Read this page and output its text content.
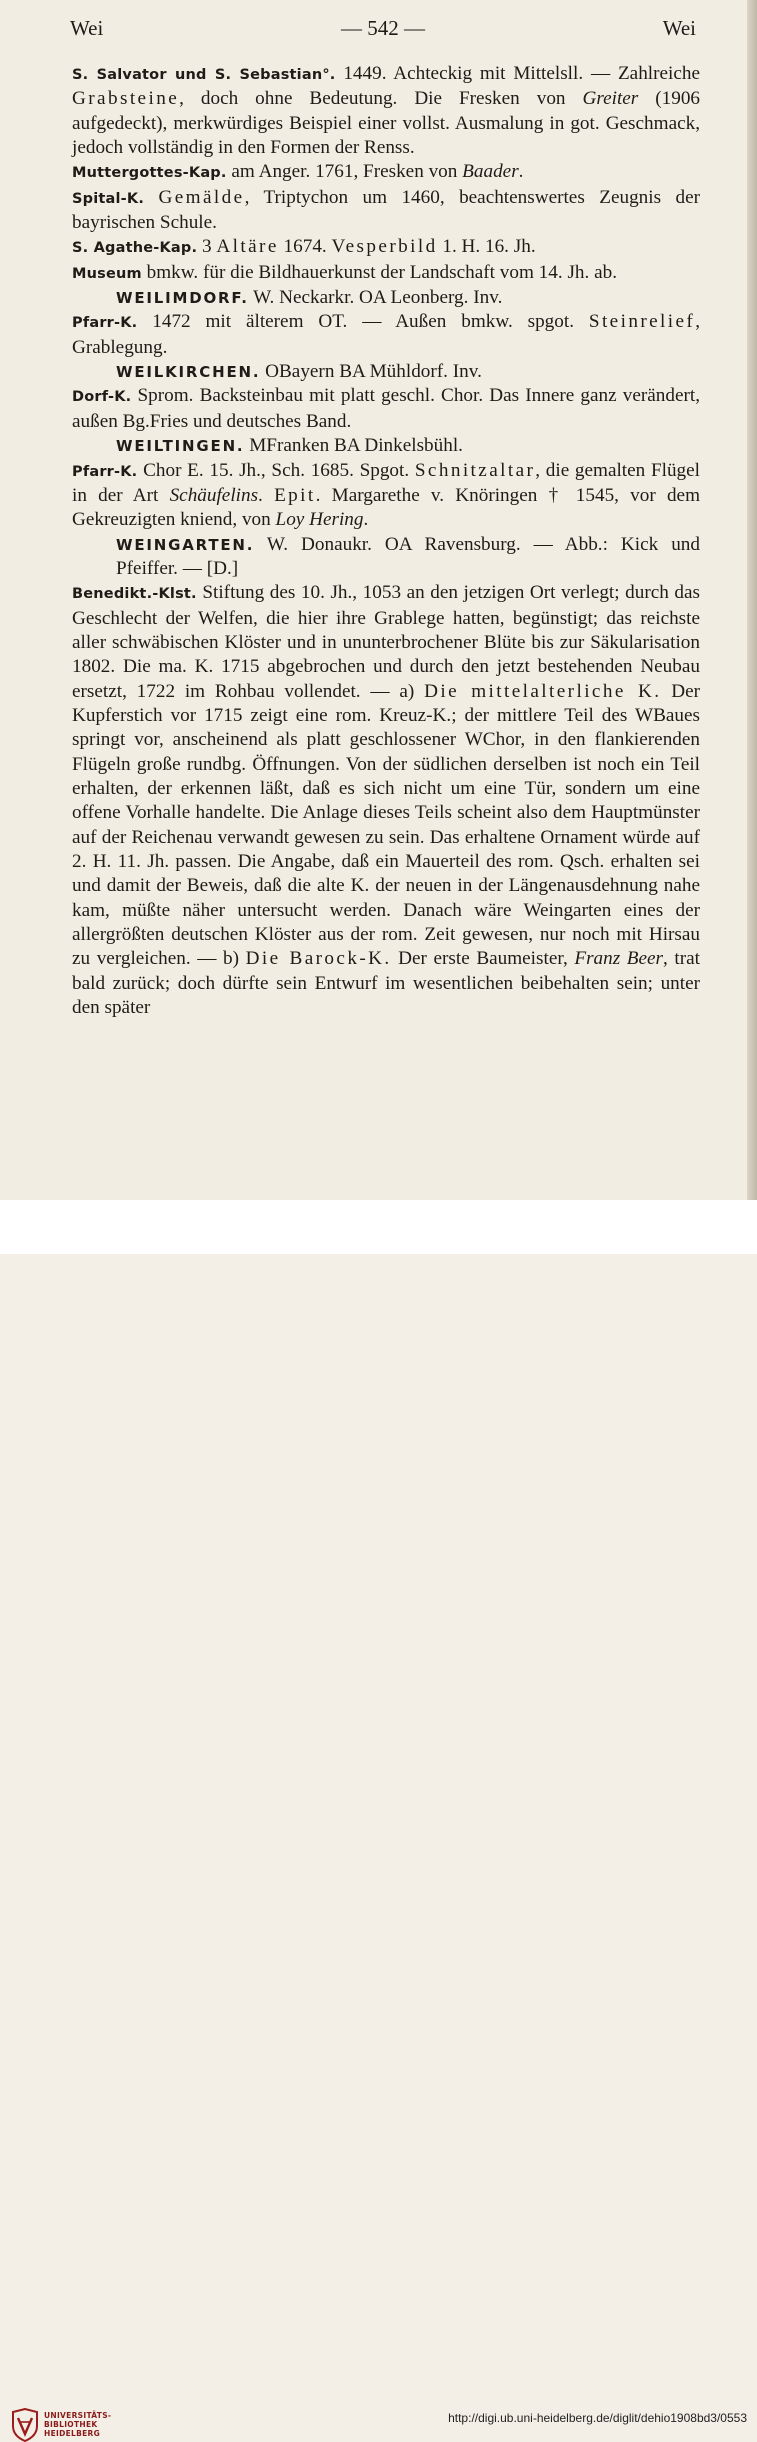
Wei	— 542 —	Wei

S. Salvator und S. Sebastian°. 1449. Achteckig mit Mittelsll. — Zahlreiche Grabsteine, doch ohne Bedeutung. Die Fresken von Greiter (1906 aufgedeckt), merkwürdiges Beispiel einer vollst. Ausmalung in got. Geschmack, jedoch vollständig in den Formen der Renss.

Muttergottes-Kap. am Anger. 1761, Fresken von Baader.

Spital-K. Gemälde, Triptychon um 1460, beachtenswertes Zeugnis der bayrischen Schule.

S. Agathe-Kap. 3 Altäre 1674. Vesperbild 1. H. 16. Jh.

Museum bmkw. für die Bildhauerkunst der Landschaft vom 14. Jh. ab.

WEILIMDORF. W. Neckarkr. OA Leonberg. Inv.

Pfarr-K. 1472 mit älterem OT. — Außen bmkw. spgot. Steinrelief, Grablegung.

WEILKIRCHEN. OBayern BA Mühldorf. Inv.

Dorf-K. Sprom. Backsteinbau mit platt geschl. Chor. Das Innere ganz verändert, außen Bg.Fries und deutsches Band.

WEILTINGEN. MFranken BA Dinkelsbühl.

Pfarr-K. Chor E. 15. Jh., Sch. 1685. Spgot. Schnitzaltar, die gemalten Flügel in der Art Schäufelins. Epit. Margarethe v. Knöringen † 1545, vor dem Gekreuzigten kniend, von Loy Hering.

WEINGARTEN. W. Donaukr. OA Ravensburg. — Abb.: Kick und Pfeiffer. — [D.]

Benedikt.-Klst. Stiftung des 10. Jh., 1053 an den jetzigen Ort verlegt; durch das Geschlecht der Welfen, die hier ihre Grablege hatten, begünstigt; das reichste aller schwäbischen Klöster und in ununterbrochener Blüte bis zur Säkularisation 1802. Die ma. K. 1715 abgebrochen und durch den jetzt bestehenden Neubau ersetzt, 1722 im Rohbau vollendet. — a) Die mittelalterliche K. Der Kupferstich vor 1715 zeigt eine rom. Kreuz-K.; der mittlere Teil des WBaues springt vor, anscheinend als platt geschlossener WChor, in den flankierenden Flügeln große rundbg. Öffnungen. Von der südlichen derselben ist noch ein Teil erhalten, der erkennen läßt, daß es sich nicht um eine Tür, sondern um eine offene Vorhalle handelte. Die Anlage dieses Teils scheint also dem Hauptmünster auf der Reichenau verwandt gewesen zu sein. Das erhaltene Ornament würde auf 2. H. 11. Jh. passen. Die Angabe, daß ein Mauerteil des rom. Qsch. erhalten sei und damit der Beweis, daß die alte K. der neuen in der Längenausdehnung nahe kam, müßte näher untersucht werden. Danach wäre Weingarten eines der allergrößten deutschen Klöster aus der rom. Zeit gewesen, nur noch mit Hirsau zu vergleichen. — b) Die Barock-K. Der erste Baumeister, Franz Beer, trat bald zurück; doch dürfte sein Entwurf im wesentlichen beibehalten sein; unter den später

UNIVERSITÄTS-
BIBLIOTHEK
HEIDELBERG
http://digi.ub.uni-heidelberg.de/diglit/dehio1908bd3/0553
